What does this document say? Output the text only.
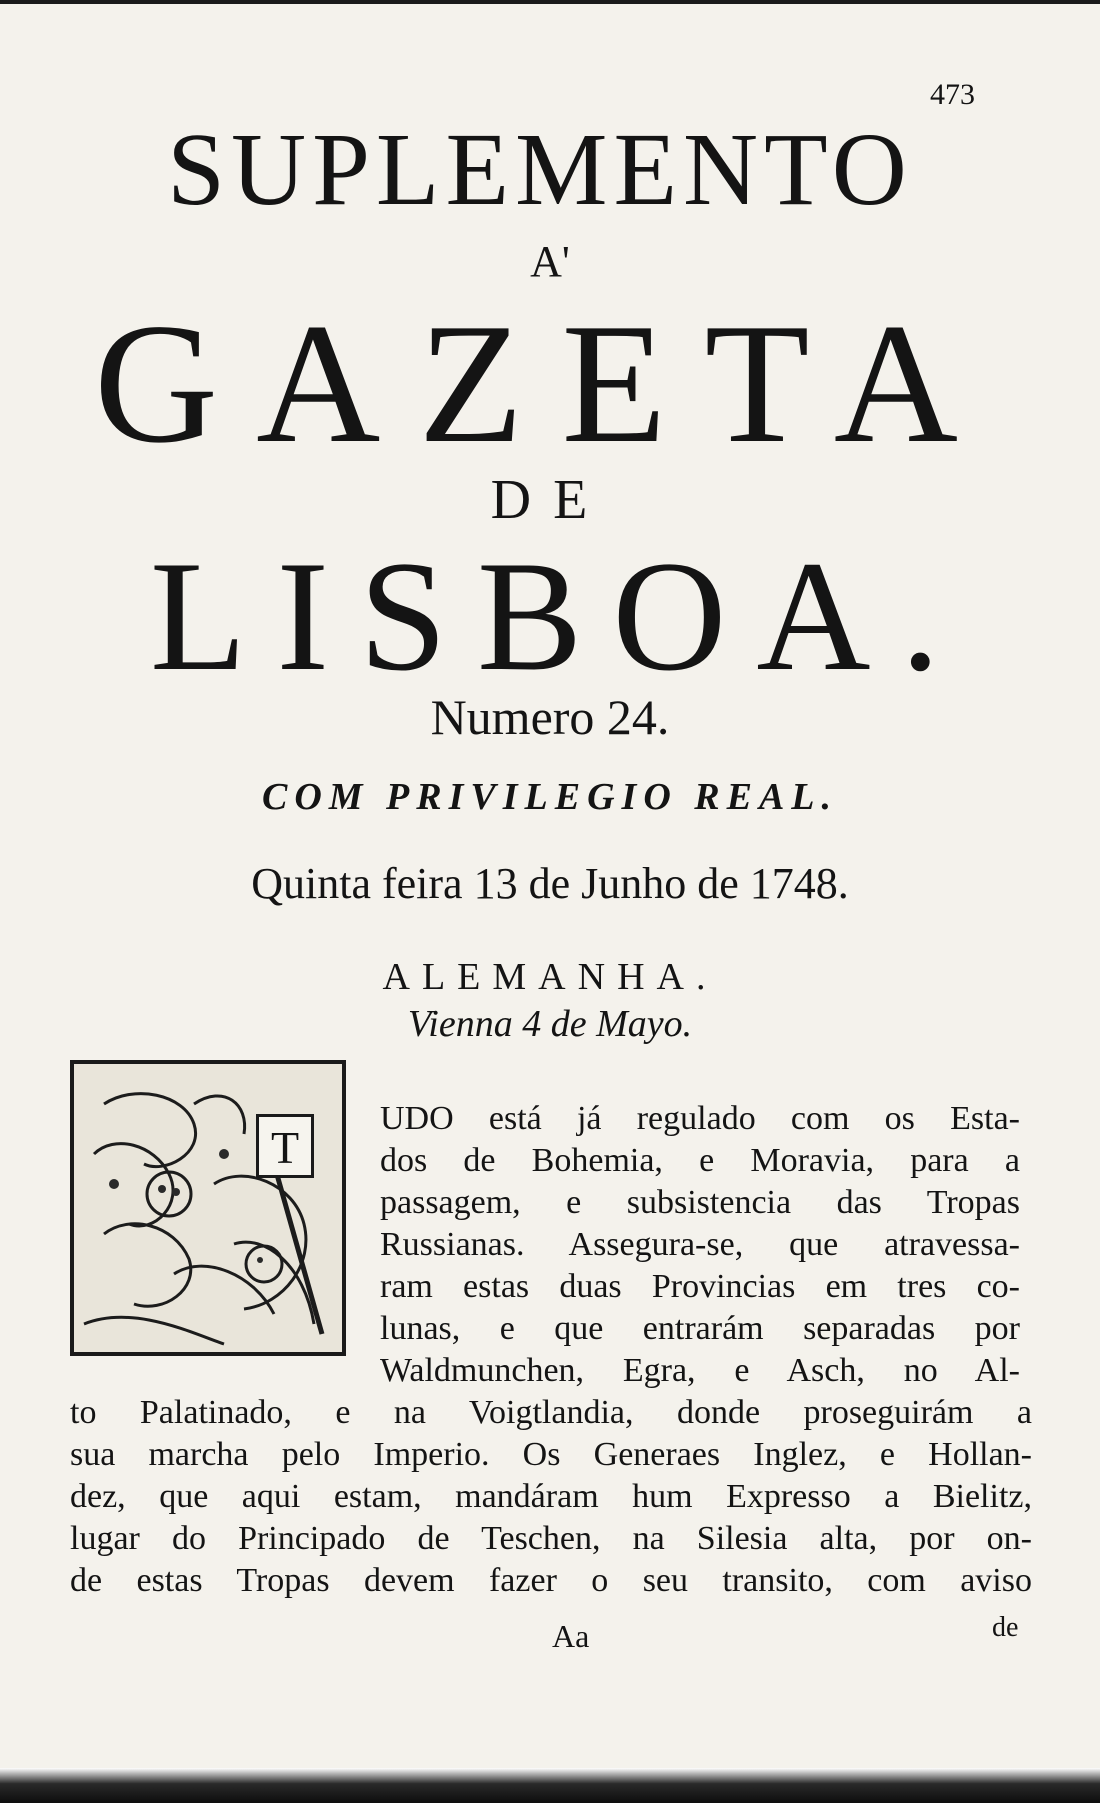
473
SUPLEMENTO
A'
GAZETA
DE
LISBOA.
Numero 24.
COM PRIVILEGIO REAL.
Quinta feira 13 de Junho de 1748.
ALEMANHA.
Vienna 4 de Mayo.
T
UDO está já regulado com os Esta-
dos de Bohemia, e Moravia, para a
passagem, e subsistencia das Tropas
Russianas. Assegura-se, que atravessa-
ram estas duas Provincias em tres co-
lunas, e que entrarám separadas por
Waldmunchen, Egra, e Asch, no Al-
to Palatinado, e na Voigtlandia, donde proseguirám a
sua marcha pelo Imperio. Os Generaes Inglez, e Hollan-
dez, que aqui estam, mandáram hum Expresso a Bielitz,
lugar do Principado de Teschen, na Silesia alta, por on-
de estas Tropas devem fazer o seu transito, com aviso
Aa	de
